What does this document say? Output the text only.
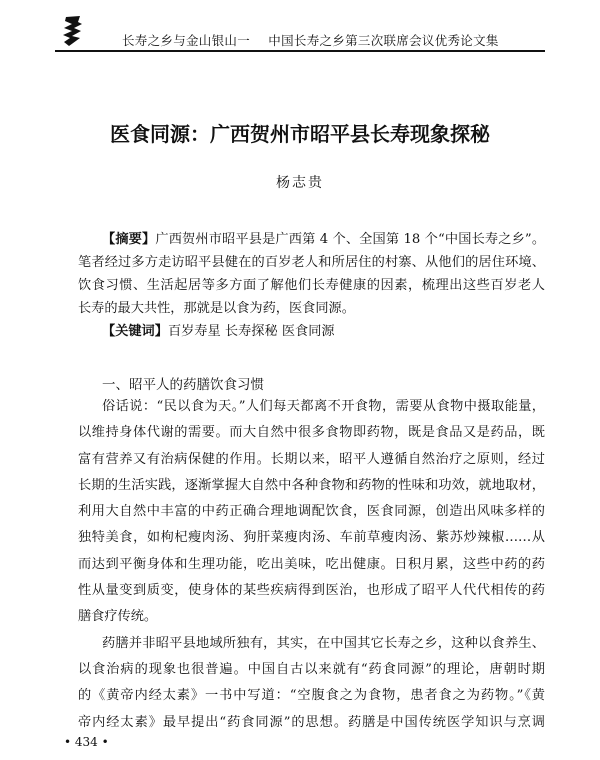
长寿之乡与金山银山一 中国长寿之乡第三次联席会议优秀论文集
医食同源：广西贺州市昭平县长寿现象探秘
杨志贵
【摘要】广西贺州市昭平县是广西第 4 个、全国第 18 个“中国长寿之乡”。
笔者经过多方走访昭平县健在的百岁老人和所居住的村寨、从他们的居住环境、
饮食习惯、生活起居等多方面了解他们长寿健康的因素，梳理出这些百岁老人
长寿的最大共性，那就是以食为药，医食同源。
【关键词】百岁寿星 长寿探秘 医食同源
一、昭平人的药膳饮食习惯
俗话说：“民以食为天。”人们每天都离不开食物，需要从食物中摄取能量，
以维持身体代谢的需要。而大自然中很多食物即药物，既是食品又是药品，既
富有营养又有治病保健的作用。长期以来，昭平人遵循自然治疗之原则，经过
长期的生活实践，逐渐掌握大自然中各种食物和药物的性味和功效，就地取材，
利用大自然中丰富的中药正确合理地调配饮食，医食同源，创造出风味多样的
独特美食，如枸杞瘦肉汤、狗肝菜瘦肉汤、车前草瘦肉汤、紫苏炒辣椒……从
而达到平衡身体和生理功能，吃出美味，吃出健康。日积月累，这些中药的药
性从量变到质变，使身体的某些疾病得到医治，也形成了昭平人代代相传的药
膳食疗传统。
药膳并非昭平县地域所独有，其实，在中国其它长寿之乡，这种以食养生、
以食治病的现象也很普遍。中国自古以来就有“药食同源”的理论，唐朝时期
的《黄帝内经太素》一书中写道：“空腹食之为食物，患者食之为药物。”《黄
帝内经太素》最早提出“药食同源”的思想。药膳是中国传统医学知识与烹调
• 434 •
